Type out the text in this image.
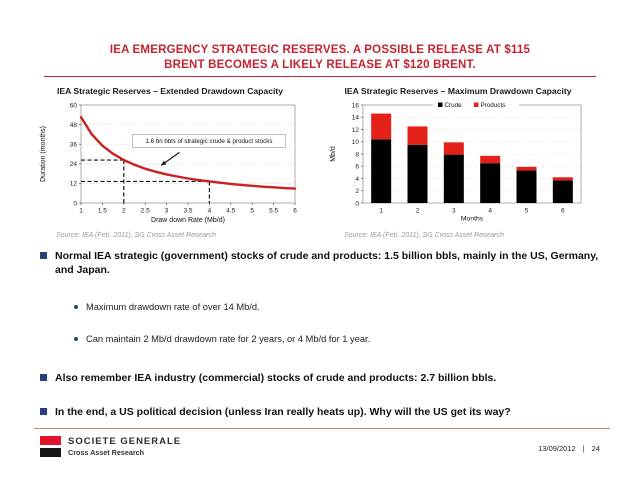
IEA EMERGENCY STRATEGIC RESERVES. A POSSIBLE RELEASE AT $115
BRENT BECOMES A LIKELY RELEASE AT $120 BRENT.
IEA Strategic Reserves – Extended Drawdown Capacity
0
12
24
36
48
60
1 1.5 2 2.5 3 3.5 4 4.5 5 5.5 6
Draw down Rate (Mb/d)
Duration (months)	1.6 bn bbls of strategic crude & product stocks
Source: IEA (Feb. 2011), SG Cross Asset Research
IEA Strategic Reserves – Maximum Drawdown Capacity
0
2
4
6
8
10
12
14
16
1	2	3	4	5	6
Months
Mb/d
Crude	Products
Source: IEA (Feb. 2011), SG Cross Asset Research
Normal IEA strategic (government) stocks of crude and products: 1.5 billion bbls, mainly in the US, Germany, and Japan.
Maximum drawdown rate of over 14 Mb/d.
Can maintain 2 Mb/d drawdown rate for 2 years, or 4 Mb/d for 1 year.
Also remember IEA industry (commercial) stocks of crude and products: 2.7 billion bbls.
In the end, a US political decision (unless Iran really heats up). Why will the US get its way?
SOCIETE GENERALE
Cross Asset Research	13/09/2012 | 24
